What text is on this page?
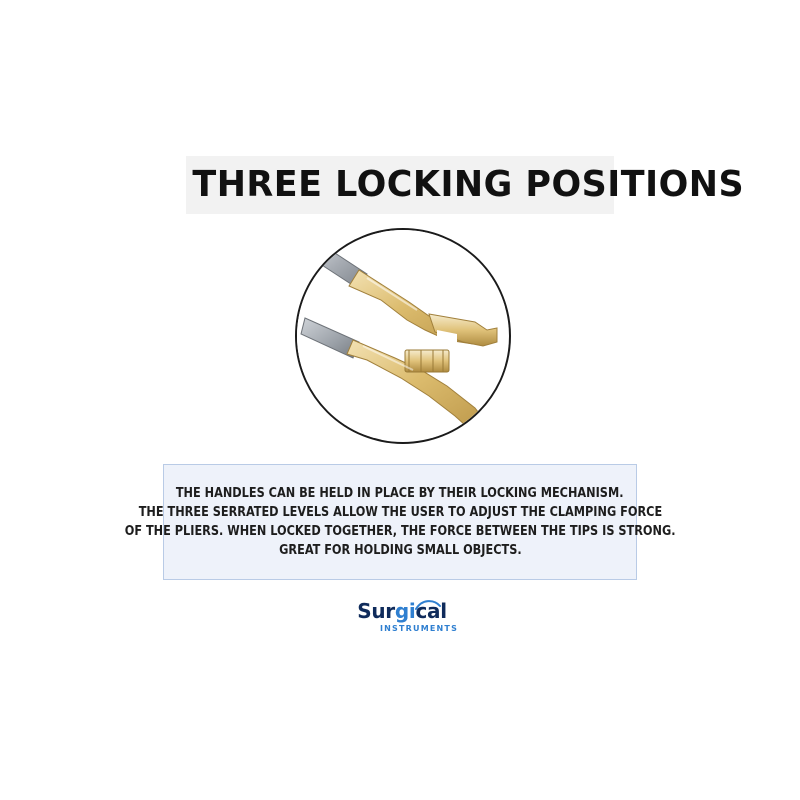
THREE LOCKING POSITIONS
THE HANDLES CAN BE HELD IN PLACE BY THEIR LOCKING MECHANISM.
THE THREE SERRATED LEVELS ALLOW THE USER TO ADJUST THE CLAMPING FORCE
OF THE PLIERS. WHEN LOCKED TOGETHER, THE FORCE BETWEEN THE TIPS IS STRONG.
GREAT FOR HOLDING SMALL OBJECTS.
Surgical
INSTRUMENTS
